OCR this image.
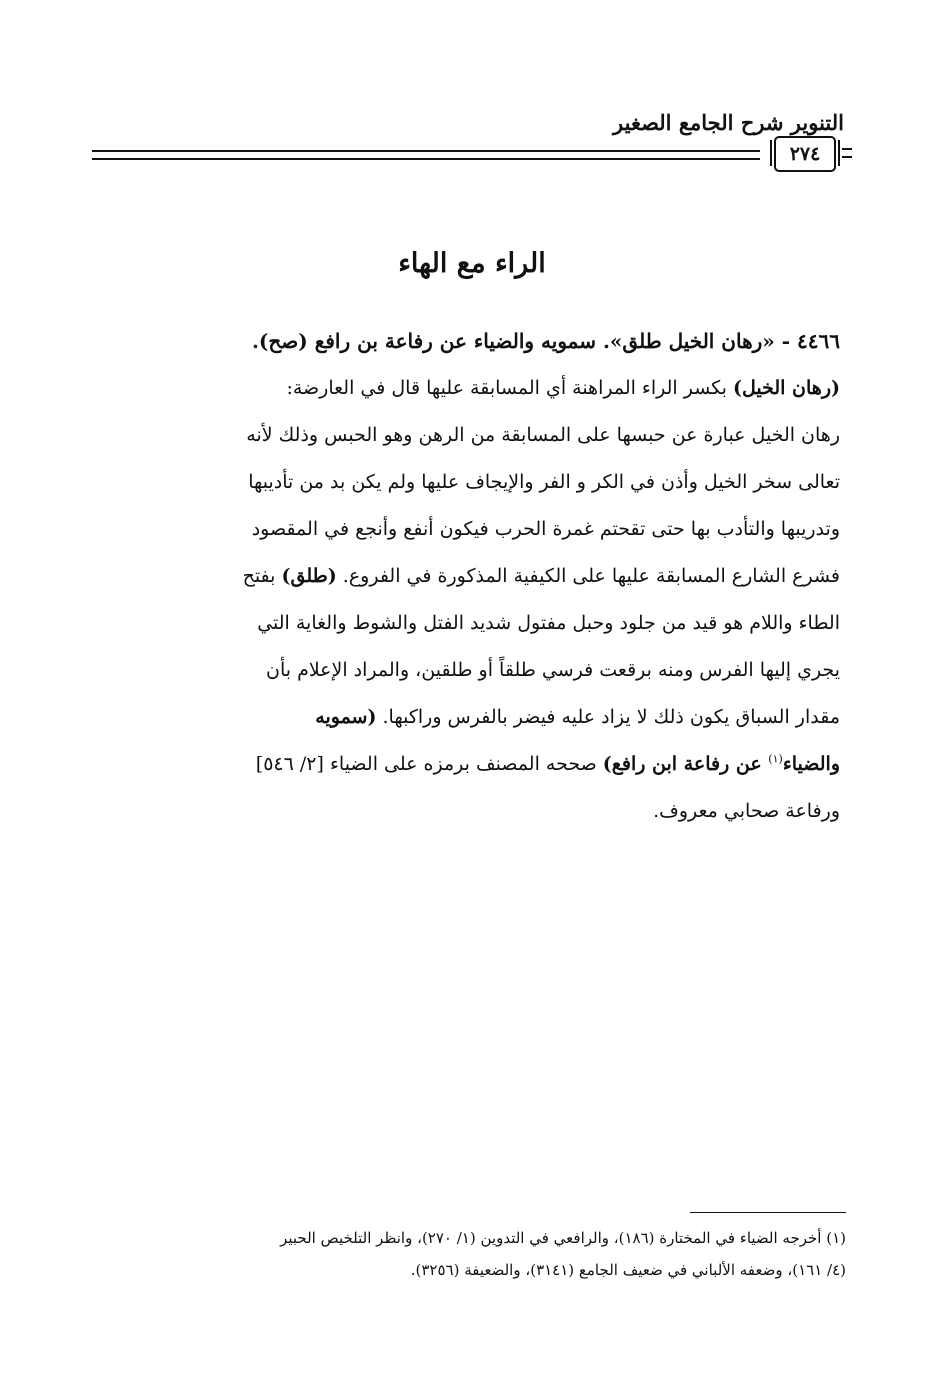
التنوير شرح الجامع الصغير
٢٧٤
الراء مع الهاء
٤٤٦٦ - «رهان الخيل طلق». سمويه والضياء عن رفاعة بن رافع (صح).
(رهان الخيل) بكسر الراء المراهنة أي المسابقة عليها قال في العارضة:
رهان الخيل عبارة عن حبسها على المسابقة من الرهن وهو الحبس وذلك لأنه
تعالى سخر الخيل وأذن في الكر و الفر والإيجاف عليها ولم يكن بد من تأديبها
وتدريبها والتأدب بها حتى تقحتم غمرة الحرب فيكون أنفع وأنجع في المقصود
فشرع الشارع المسابقة عليها على الكيفية المذكورة في الفروع. (طلق) بفتح
الطاء واللام هو قيد من جلود وحبل مفتول شديد الفتل والشوط والغاية التي
يجري إليها الفرس ومنه برقعت فرسي طلقاً أو طلقين، والمراد الإعلام بأن
مقدار السباق يكون ذلك لا يزاد عليه فيضر بالفرس وراكبها. (سمويه
والضياء$^{(١)}$ عن رفاعة ابن رافع) صححه المصنف برمزه على الضياء [٢/ ٥٤٦]
ورفاعة صحابي معروف.
(١) أخرجه الضياء في المختارة (١٨٦)، والرافعي في التدوين (١/ ٢٧٠)، وانظر التلخيص الحبير
(٤/ ١٦١)، وضعفه الألباني في ضعيف الجامع (٣١٤١)، والضعيفة (٣٢٥٦).
